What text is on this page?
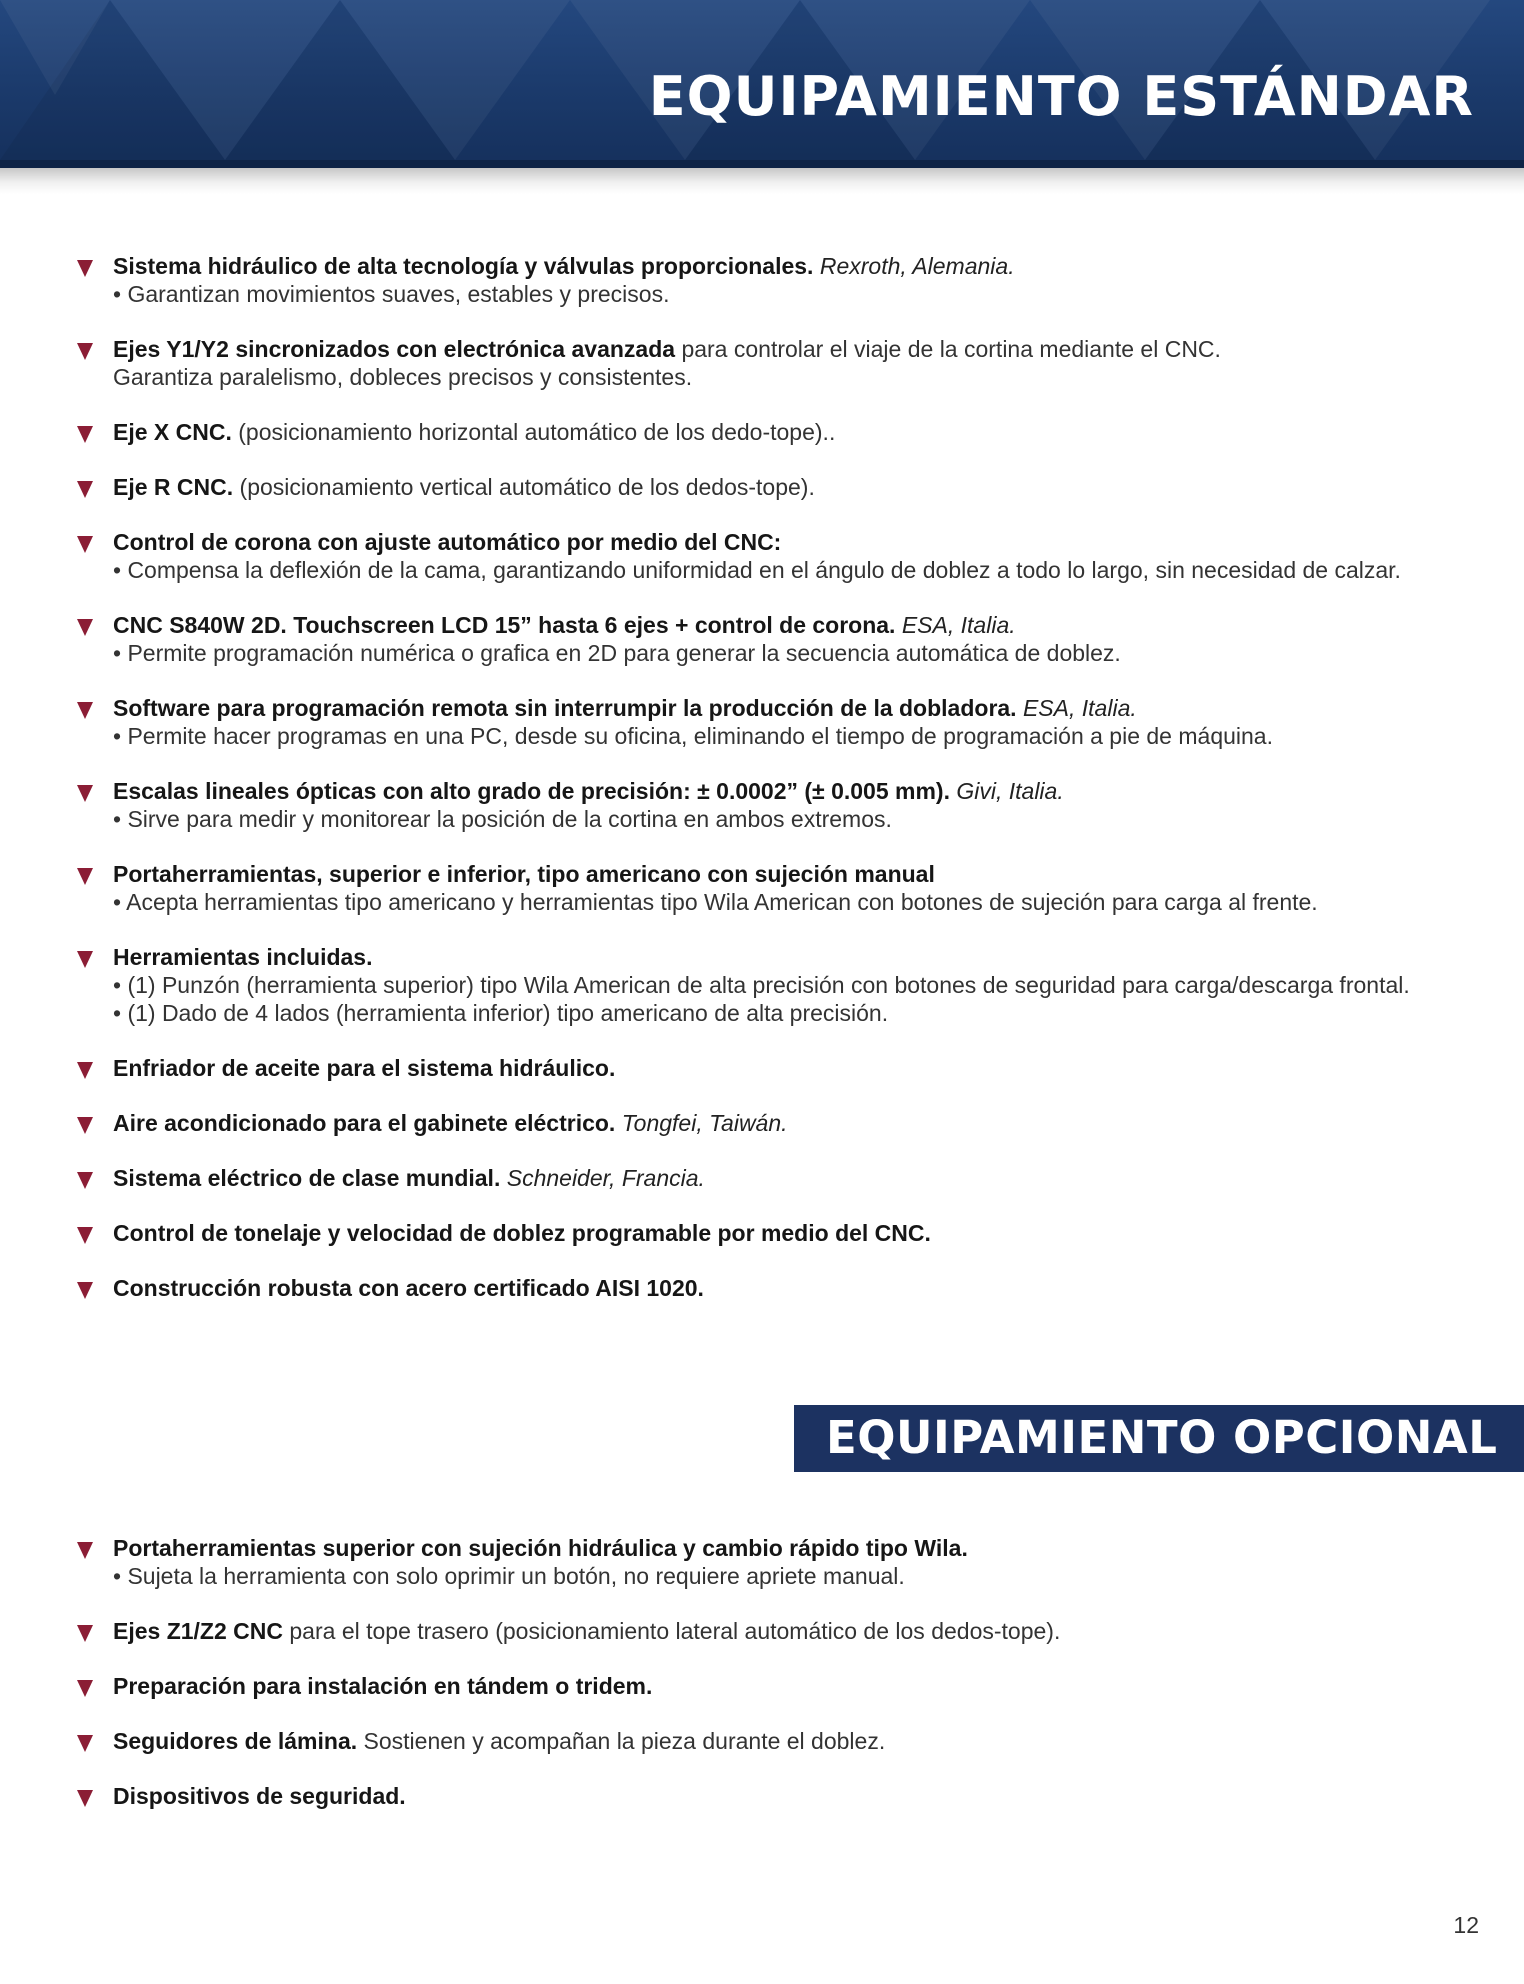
EQUIPAMIENTO ESTÁNDAR

Sistema hidráulico de alta tecnología y válvulas proporcionales. Rexroth, Alemania.

• Garantizan movimientos suaves, estables y precisos.

Ejes Y1/Y2 sincronizados con electrónica avanzada para controlar el viaje de la cortina mediante el CNC.

Garantiza paralelismo, dobleces precisos y consistentes.

Eje X CNC. (posicionamiento horizontal automático de los dedo-tope)..

Eje R CNC. (posicionamiento vertical automático de los dedos-tope).

Control de corona con ajuste automático por medio del CNC:

• Compensa la deflexión de la cama, garantizando uniformidad en el ángulo de doblez a todo lo largo, sin necesidad de calzar.

CNC S840W 2D. Touchscreen LCD 15” hasta 6 ejes + control de corona. ESA, Italia.

• Permite programación numérica o grafica en 2D para generar la secuencia automática de doblez.

Software para programación remota sin interrumpir la producción de la dobladora. ESA, Italia.

• Permite hacer programas en una PC, desde su oficina, eliminando el tiempo de programación a pie de máquina.

Escalas lineales ópticas con alto grado de precisión: ± 0.0002” (± 0.005 mm). Givi, Italia.

• Sirve para medir y monitorear la posición de la cortina en ambos extremos.

Portaherramientas, superior e inferior, tipo americano con sujeción manual

• Acepta herramientas tipo americano y herramientas tipo Wila American con botones de sujeción para carga al frente.

Herramientas incluidas.

• (1) Punzón (herramienta superior) tipo Wila American de alta precisión con botones de seguridad para carga/descarga frontal.
• (1) Dado de 4 lados (herramienta inferior) tipo americano de alta precisión.

Enfriador de aceite para el sistema hidráulico.

Aire acondicionado para el gabinete eléctrico. Tongfei, Taiwán.

Sistema eléctrico de clase mundial. Schneider, Francia.

Control de tonelaje y velocidad de doblez programable por medio del CNC.

Construcción robusta con acero certificado AISI 1020.

EQUIPAMIENTO OPCIONAL

Portaherramientas superior con sujeción hidráulica y cambio rápido tipo Wila.

• Sujeta la herramienta con solo oprimir un botón, no requiere apriete manual.

Ejes Z1/Z2 CNC para el tope trasero (posicionamiento lateral automático de los dedos-tope).

Preparación para instalación en tándem o tridem.

Seguidores de lámina. Sostienen y acompañan la pieza durante el doblez.

Dispositivos de seguridad.

12
